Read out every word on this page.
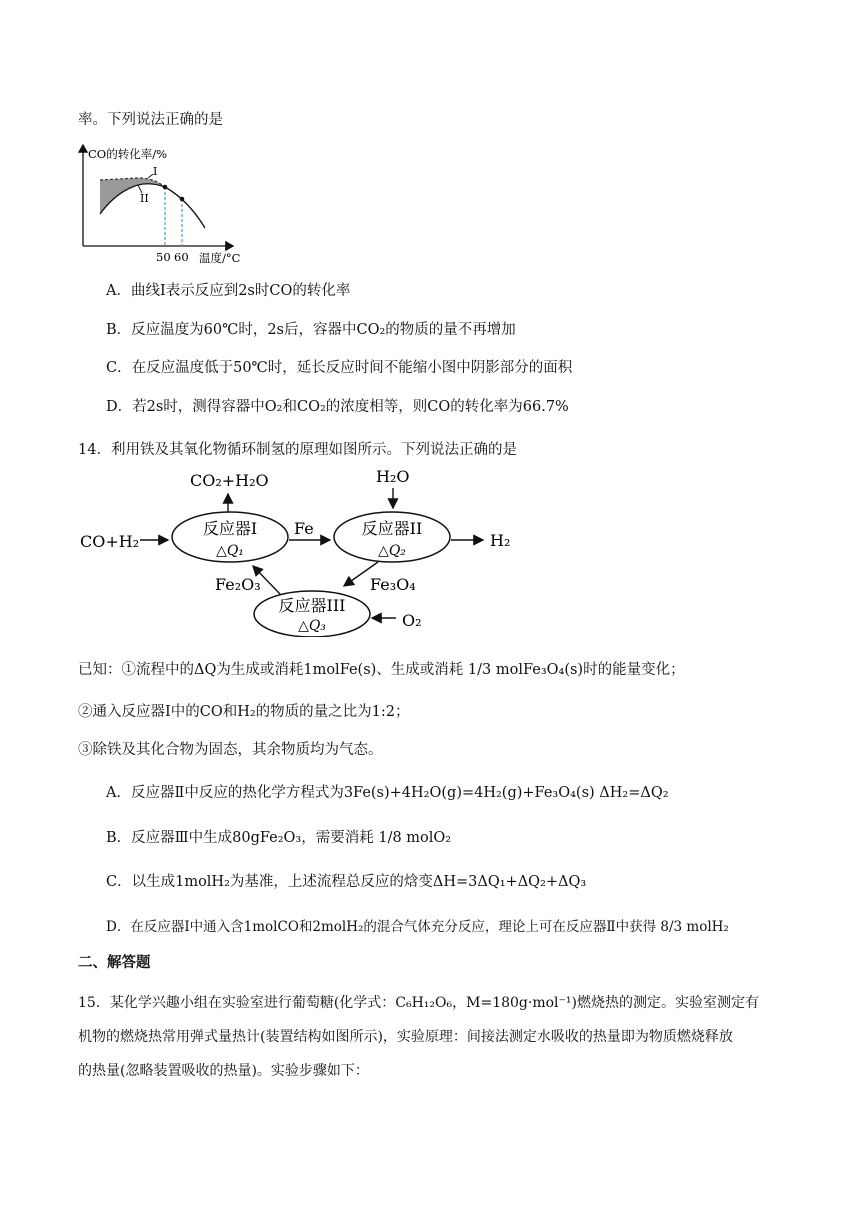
率。下列说法正确的是
I
II
CO的转化率/%
50 60 温度/°C
A．曲线Ⅰ表示反应到2s时CO的转化率
B．反应温度为60℃时，2s后，容器中CO₂的物质的量不再增加
C．在反应温度低于50℃时，延长反应时间不能缩小图中阴影部分的面积
D．若2s时，测得容器中O₂和CO₂的浓度相等，则CO的转化率为66.7%
14．利用铁及其氧化物循环制氢的原理如图所示。下列说法正确的是
CO+H₂
CO₂+H₂O	H₂O
H₂
Fe
Fe₃O₄
Fe₂O₃
O₂
反应器I
△Q₁
反应器II
△Q₂
反应器III
△Q₃
已知：①流程中的ΔQ为生成或消耗1molFe(s)、生成或消耗 1/3 molFe₃O₄(s)时的能量变化；
②通入反应器Ⅰ中的CO和H₂的物质的量之比为1:2；
③除铁及其化合物为固态，其余物质均为气态。
A．反应器Ⅱ中反应的热化学方程式为3Fe(s)+4H₂O(g)=4H₂(g)+Fe₃O₄(s) ΔH₂=ΔQ₂
B．反应器Ⅲ中生成80gFe₂O₃，需要消耗 1/8 molO₂
C．以生成1molH₂为基准，上述流程总反应的焓变ΔH=3ΔQ₁+ΔQ₂+ΔQ₃
D．在反应器Ⅰ中通入含1molCO和2molH₂的混合气体充分反应，理论上可在反应器Ⅱ中获得 8/3 molH₂
二、解答题
15．某化学兴趣小组在实验室进行葡萄糖(化学式：C₆H₁₂O₆，M=180g·mol⁻¹)燃烧热的测定。实验室测定有
机物的燃烧热常用弹式量热计(装置结构如图所示)，实验原理：间接法测定水吸收的热量即为物质燃烧释放
的热量(忽略装置吸收的热量)。实验步骤如下：
